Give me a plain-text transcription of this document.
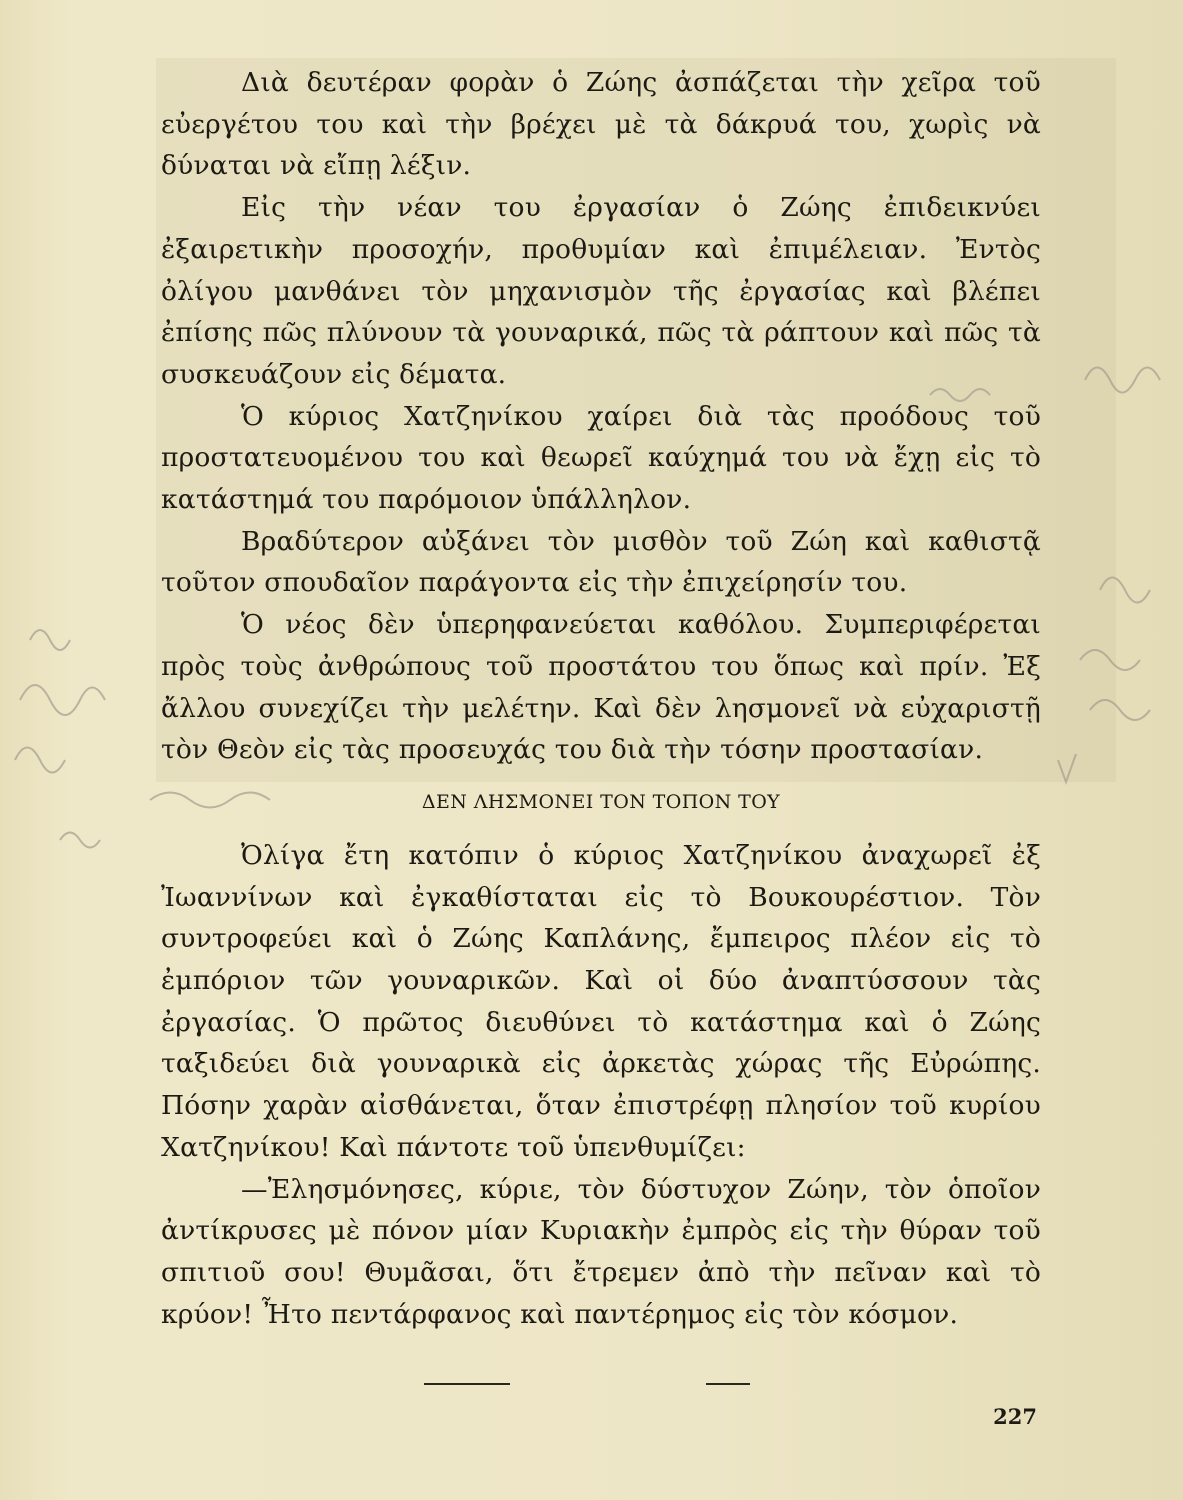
Διὰ δευτέραν φορὰν ὁ Ζώης ἀσπάζεται τὴν χεῖρα τοῦ εὐεργέτου του καὶ τὴν βρέχει μὲ τὰ δάκρυά του, χωρὶς νὰ δύναται νὰ εἴπῃ λέξιν.

Εἰς τὴν νέαν του ἐργασίαν ὁ Ζώης ἐπιδεικνύει ἐξαιρετικὴν προσοχήν, προθυμίαν καὶ ἐπιμέλειαν. Ἐντὸς ὀλίγου μανθάνει τὸν μηχανισμὸν τῆς ἐργασίας καὶ βλέπει ἐπίσης πῶς πλύνουν τὰ γουναρικά, πῶς τὰ ράπτουν καὶ πῶς τὰ συσκευάζουν εἰς δέματα.

Ὁ κύριος Χατζηνίκου χαίρει διὰ τὰς προόδους τοῦ προστατευομένου του καὶ θεωρεῖ καύχημά του νὰ ἔχῃ εἰς τὸ κατάστημά του παρόμοιον ὑπάλληλον.

Βραδύτερον αὐξάνει τὸν μισθὸν τοῦ Ζώη καὶ καθιστᾷ τοῦτον σπουδαῖον παράγοντα εἰς τὴν ἐπιχείρησίν του.

Ὁ νέος δὲν ὑπερηφανεύεται καθόλου. Συμπεριφέρεται πρὸς τοὺς ἀνθρώπους τοῦ προστάτου του ὅπως καὶ πρίν. Ἐξ ἄλλου συνεχίζει τὴν μελέτην. Καὶ δὲν λησμονεῖ νὰ εὐχαριστῇ τὸν Θεὸν εἰς τὰς προσευχάς του διὰ τὴν τόσην προστασίαν.

ΔΕΝ ΛΗΣΜΟΝΕΙ ΤΟΝ ΤΟΠΟΝ ΤΟΥ

Ὀλίγα ἔτη κατόπιν ὁ κύριος Χατζηνίκου ἀναχωρεῖ ἐξ Ἰωαννίνων καὶ ἐγκαθίσταται εἰς τὸ Βουκουρέστιον. Τὸν συντροφεύει καὶ ὁ Ζώης Καπλάνης, ἔμπειρος πλέον εἰς τὸ ἐμπόριον τῶν γουναρικῶν. Καὶ οἱ δύο ἀναπτύσσουν τὰς ἐργασίας. Ὁ πρῶτος διευθύνει τὸ κατάστημα καὶ ὁ Ζώης ταξιδεύει διὰ γουναρικὰ εἰς ἀρκετὰς χώρας τῆς Εὐρώπης. Πόσην χαρὰν αἰσθάνεται, ὅταν ἐπιστρέφῃ πλησίον τοῦ κυρίου Χατζηνίκου! Καὶ πάντοτε τοῦ ὑπενθυμίζει:

—Ἐλησμόνησες, κύριε, τὸν δύστυχον Ζώην, τὸν ὁποῖον ἀντίκρυσες μὲ πόνον μίαν Κυριακὴν ἐμπρὸς εἰς τὴν θύραν τοῦ σπιτιοῦ σου! Θυμᾶσαι, ὅτι ἔτρεμεν ἀπὸ τὴν πεῖναν καὶ τὸ κρύον! Ἦτο πεντάρφανος καὶ παντέρημος εἰς τὸν κόσμον.

227
